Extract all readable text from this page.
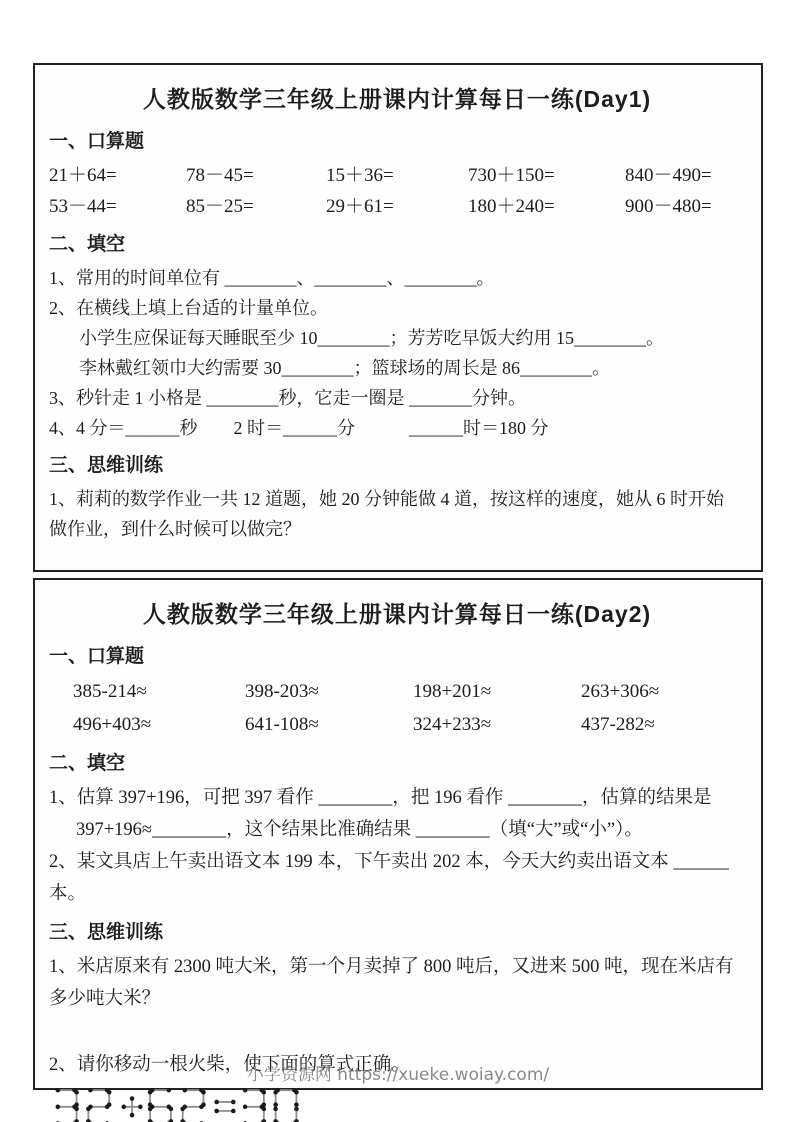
人教版数学三年级上册课内计算每日一练(Day1)
一、口算题
21＋64=	78－45=	15＋36=	730＋150=	840－490=
53－44=	85－25=	29＋61=	180＋240=	900－480=
二、填空

1、常用的时间单位有 ________、________、________。

2、在横线上填上台适的计量单位。

小学生应保证每天睡眠至少 10________；芳芳吃早饭大约用 15________。

李林戴红领巾大约需要 30________；篮球场的周长是 86________。

3、秒针走 1 小格是 ________秒，它走一圈是 _______分钟。

4、4 分＝______秒　　2 时＝______分　　　______时＝180 分

三、思维训练

1、莉莉的数学作业一共 12 道题，她 20 分钟能做 4 道，按这样的速度，她从 6 时开始

做作业，到什么时候可以做完？

人教版数学三年级上册课内计算每日一练(Day2)
一、口算题
385-214≈	398-203≈	198+201≈	263+306≈
496+403≈	641-108≈	324+233≈	437-282≈
二、填空

1、估算 397+196，可把 397 看作 ________，把 196 看作 ________，估算的结果是

397+196≈________，这个结果比准确结果 ________（填“大”或“小”）。

2、某文具店上午卖出语文本 199 本，下午卖出 202 本，今天大约卖出语文本 ______

本。

三、思维训练

1、米店原来有 2300 吨大米，第一个月卖掉了 800 吨后，又进来 500 吨，现在米店有

多少吨大米？

2、请你移动一根火柴，使下面的算式正确。

小学资源网 https://xueke.woiay.com/
